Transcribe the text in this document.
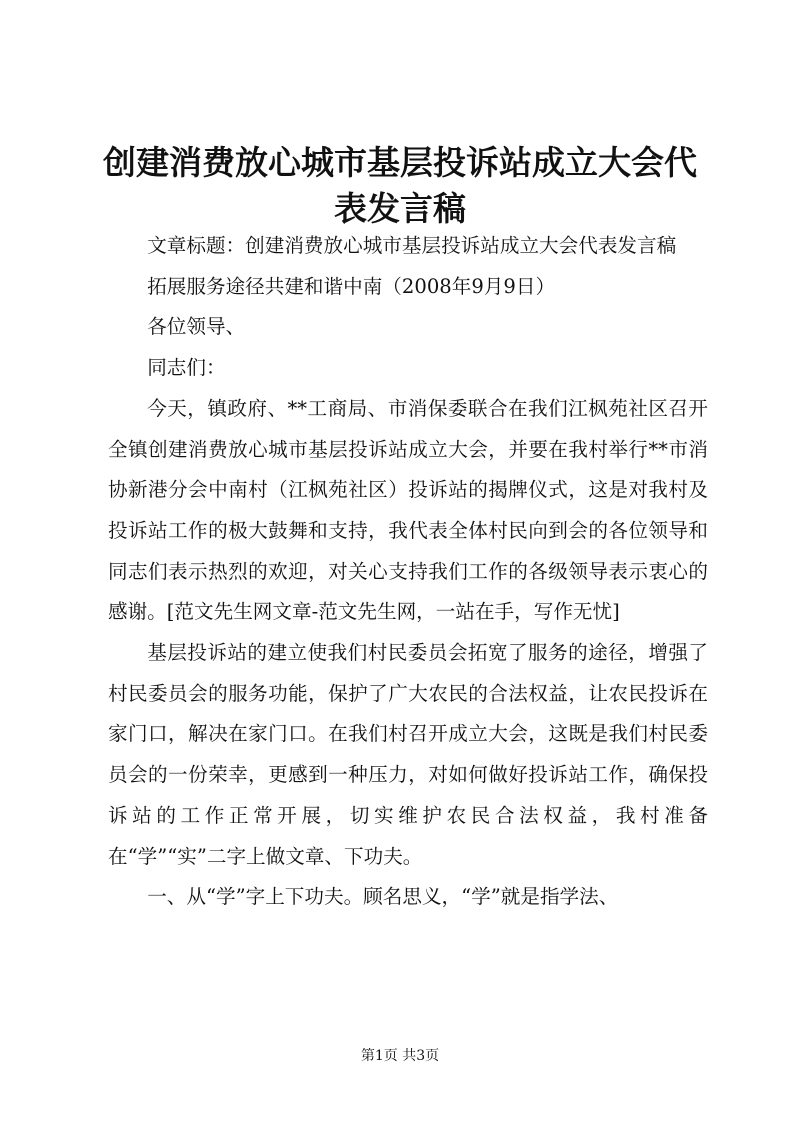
创建消费放心城市基层投诉站成立大会代表发言稿

文章标题：创建消费放心城市基层投诉站成立大会代表发言稿

拓展服务途径共建和谐中南（2008年9月9日）

各位领导、

同志们：

今天，镇政府、**工商局、市消保委联合在我们江枫苑社区召开全镇创建消费放心城市基层投诉站成立大会，并要在我村举行**市消协新港分会中南村（江枫苑社区）投诉站的揭牌仪式，这是对我村及投诉站工作的极大鼓舞和支持，我代表全体村民向到会的各位领导和同志们表示热烈的欢迎，对关心支持我们工作的各级领导表示衷心的感谢。[范文先生网文章-范文先生网，一站在手，写作无忧]

基层投诉站的建立使我们村民委员会拓宽了服务的途径，增强了村民委员会的服务功能，保护了广大农民的合法权益，让农民投诉在家门口，解决在家门口。在我们村召开成立大会，这既是我们村民委员会的一份荣幸，更感到一种压力，对如何做好投诉站工作，确保投诉站的工作正常开展，切实维护农民合法权益，我村准备在“学”“实”二字上做文章、下功夫。

一、从“学”字上下功夫。顾名思义，“学”就是指学法、

第1页 共3页
